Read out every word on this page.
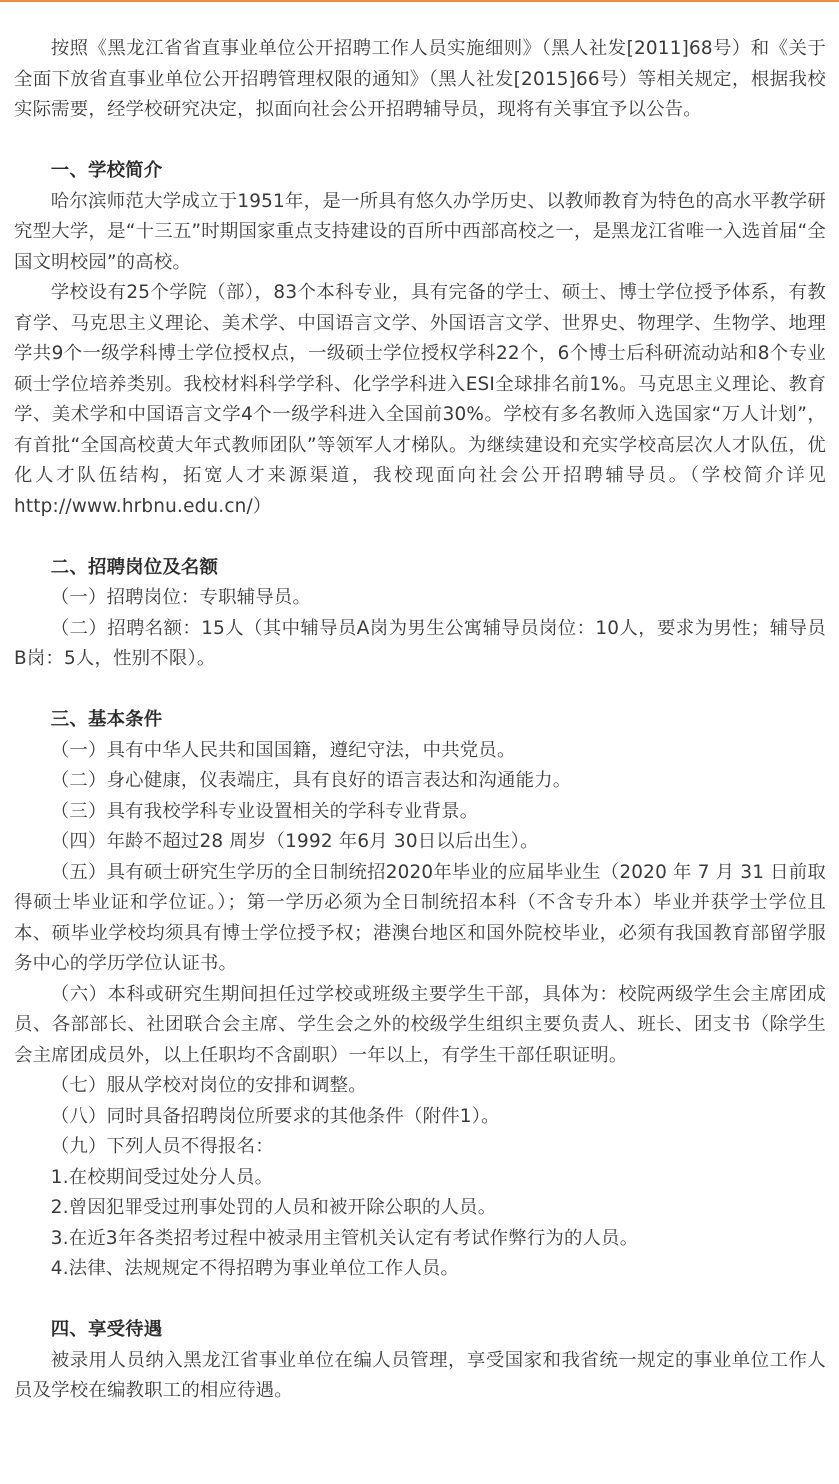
按照《黑龙江省省直事业单位公开招聘工作人员实施细则》（黑人社发[2011]68号）和《关于全面下放省直事业单位公开招聘管理权限的通知》（黑人社发[2015]66号）等相关规定，根据我校实际需要，经学校研究决定，拟面向社会公开招聘辅导员，现将有关事宜予以公告。

一、学校简介

哈尔滨师范大学成立于1951年，是一所具有悠久办学历史、以教师教育为特色的高水平教学研究型大学，是“十三五”时期国家重点支持建设的百所中西部高校之一，是黑龙江省唯一入选首届“全国文明校园”的高校。

学校设有25个学院（部），83个本科专业，具有完备的学士、硕士、博士学位授予体系，有教育学、马克思主义理论、美术学、中国语言文学、外国语言文学、世界史、物理学、生物学、地理学共9个一级学科博士学位授权点，一级硕士学位授权学科22个，6个博士后科研流动站和8个专业硕士学位培养类别。我校材料科学学科、化学学科进入ESI全球排名前1%。马克思主义理论、教育学、美术学和中国语言文学4个一级学科进入全国前30%。学校有多名教师入选国家“万人计划”，有首批“全国高校黄大年式教师团队”等领军人才梯队。为继续建设和充实学校高层次人才队伍，优化人才队伍结构，拓宽人才来源渠道，我校现面向社会公开招聘辅导员。（学校简介详见http://www.hrbnu.edu.cn/）

二、招聘岗位及名额

（一）招聘岗位：专职辅导员。

（二）招聘名额：15人（其中辅导员A岗为男生公寓辅导员岗位：10人，要求为男性；辅导员B岗：5人，性别不限）。

三、基本条件

（一）具有中华人民共和国国籍，遵纪守法，中共党员。

（二）身心健康，仪表端庄，具有良好的语言表达和沟通能力。

（三）具有我校学科专业设置相关的学科专业背景。

（四）年龄不超过28 周岁（1992 年6月 30日以后出生）。

（五）具有硕士研究生学历的全日制统招2020年毕业的应届毕业生（2020 年 7 月 31 日前取得硕士毕业证和学位证。）；第一学历必须为全日制统招本科（不含专升本）毕业并获学士学位且本、硕毕业学校均须具有博士学位授予权；港澳台地区和国外院校毕业，必须有我国教育部留学服务中心的学历学位认证书。

（六）本科或研究生期间担任过学校或班级主要学生干部，具体为：校院两级学生会主席团成员、各部部长、社团联合会主席、学生会之外的校级学生组织主要负责人、班长、团支书（除学生会主席团成员外，以上任职均不含副职）一年以上，有学生干部任职证明。

（七）服从学校对岗位的安排和调整。

（八）同时具备招聘岗位所要求的其他条件（附件1）。

（九）下列人员不得报名：

1.在校期间受过处分人员。

2.曾因犯罪受过刑事处罚的人员和被开除公职的人员。

3.在近3年各类招考过程中被录用主管机关认定有考试作弊行为的人员。

4.法律、法规规定不得招聘为事业单位工作人员。

四、享受待遇

被录用人员纳入黑龙江省事业单位在编人员管理，享受国家和我省统一规定的事业单位工作人员及学校在编教职工的相应待遇。
